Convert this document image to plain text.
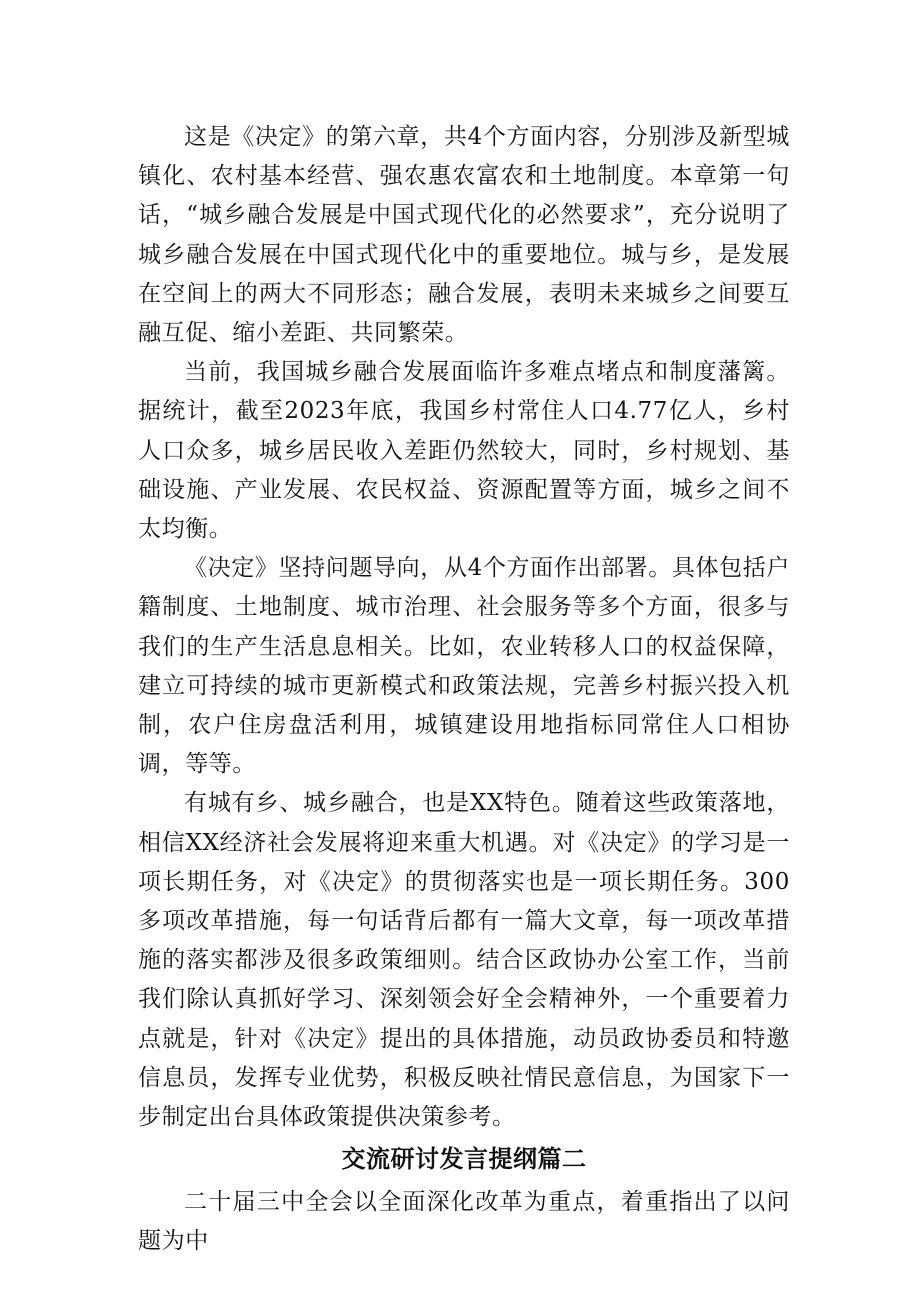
这是《决定》的第六章，共4个方面内容，分别涉及新型城镇化、农村基本经营、强农惠农富农和土地制度。本章第一句话，“城乡融合发展是中国式现代化的必然要求”，充分说明了城乡融合发展在中国式现代化中的重要地位。城与乡，是发展在空间上的两大不同形态；融合发展，表明未来城乡之间要互融互促、缩小差距、共同繁荣。

当前，我国城乡融合发展面临许多难点堵点和制度藩篱。据统计，截至2023年底，我国乡村常住人口4.77亿人，乡村人口众多，城乡居民收入差距仍然较大，同时，乡村规划、基础设施、产业发展、农民权益、资源配置等方面，城乡之间不太均衡。

《决定》坚持问题导向，从4个方面作出部署。具体包括户籍制度、土地制度、城市治理、社会服务等多个方面，很多与我们的生产生活息息相关。比如，农业转移人口的权益保障，建立可持续的城市更新模式和政策法规，完善乡村振兴投入机制，农户住房盘活利用，城镇建设用地指标同常住人口相协调，等等。

有城有乡、城乡融合，也是XX特色。随着这些政策落地，相信XX经济社会发展将迎来重大机遇。对《决定》的学习是一项长期任务，对《决定》的贯彻落实也是一项长期任务。300多项改革措施，每一句话背后都有一篇大文章，每一项改革措施的落实都涉及很多政策细则。结合区政协办公室工作，当前我们除认真抓好学习、深刻领会好全会精神外，一个重要着力点就是，针对《决定》提出的具体措施，动员政协委员和特邀信息员，发挥专业优势，积极反映社情民意信息，为国家下一步制定出台具体政策提供决策参考。

交流研讨发言提纲篇二

二十届三中全会以全面深化改革为重点，着重指出了以问题为中
